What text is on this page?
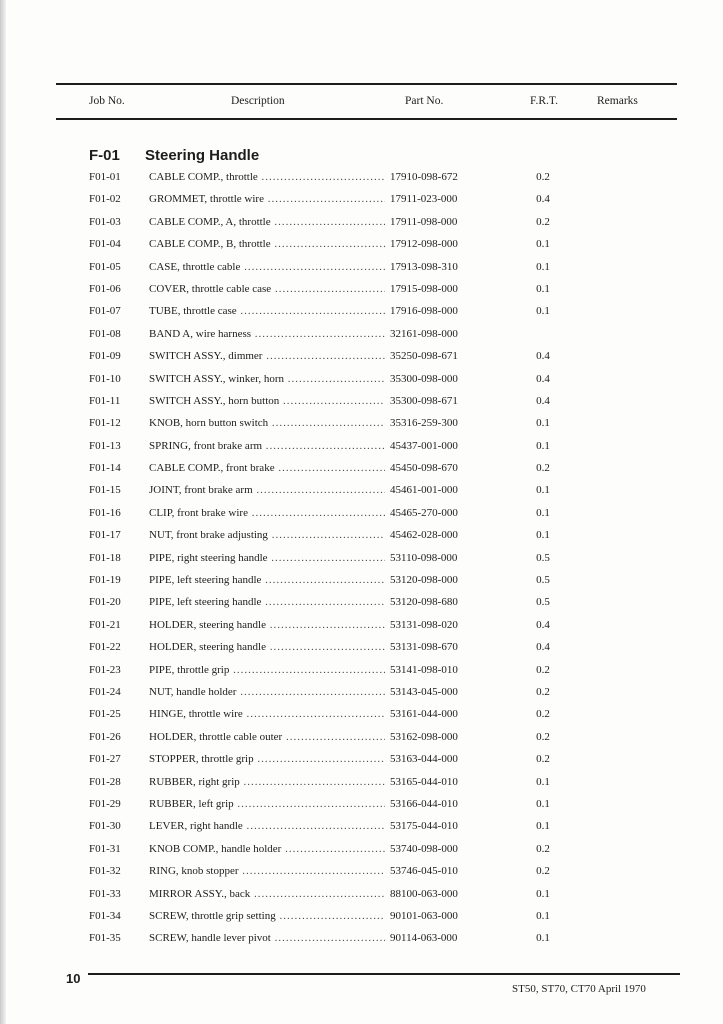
Job No.	Description	Part No.	F.R.T.	Remarks
F-01	Steering Handle
F01-01	CABLE COMP., throttle .....	17910-098-672	0.2
F01-02	GROMMET, throttle wire .....	17911-023-000	0.4
F01-03	CABLE COMP., A, throttle .....	17911-098-000	0.2
F01-04	CABLE COMP., B, throttle .....	17912-098-000	0.1
F01-05	CASE, throttle cable .....	17913-098-310	0.1
F01-06	COVER, throttle cable case .....	17915-098-000	0.1
F01-07	TUBE, throttle case .....	17916-098-000	0.1
F01-08	BAND A, wire harness .....	32161-098-000
F01-09	SWITCH ASSY., dimmer .....	35250-098-671	0.4
F01-10	SWITCH ASSY., winker, horn .....	35300-098-000	0.4
F01-11	SWITCH ASSY., horn button .....	35300-098-671	0.4
F01-12	KNOB, horn button switch .....	35316-259-300	0.1
F01-13	SPRING, front brake arm .....	45437-001-000	0.1
F01-14	CABLE COMP., front brake .....	45450-098-670	0.2
F01-15	JOINT, front brake arm .....	45461-001-000	0.1
F01-16	CLIP, front brake wire .....	45465-270-000	0.1
F01-17	NUT, front brake adjusting .....	45462-028-000	0.1
F01-18	PIPE, right steering handle .....	53110-098-000	0.5
F01-19	PIPE, left steering handle .....	53120-098-000	0.5
F01-20	PIPE, left steering handle .....	53120-098-680	0.5
F01-21	HOLDER, steering handle .....	53131-098-020	0.4
F01-22	HOLDER, steering handle .....	53131-098-670	0.4
F01-23	PIPE, throttle grip .....	53141-098-010	0.2
F01-24	NUT, handle holder .....	53143-045-000	0.2
F01-25	HINGE, throttle wire .....	53161-044-000	0.2
F01-26	HOLDER, throttle cable outer .....	53162-098-000	0.2
F01-27	STOPPER, throttle grip .....	53163-044-000	0.2
F01-28	RUBBER, right grip .....	53165-044-010	0.1
F01-29	RUBBER, left grip .....	53166-044-010	0.1
F01-30	LEVER, right handle .....	53175-044-010	0.1
F01-31	KNOB COMP., handle holder .....	53740-098-000	0.2
F01-32	RING, knob stopper .....	53746-045-010	0.2
F01-33	MIRROR ASSY., back .....	88100-063-000	0.1
F01-34	SCREW, throttle grip setting .....	90101-063-000	0.1
F01-35	SCREW, handle lever pivot .....	90114-063-000	0.1
10
ST50, ST70, CT70 April 1970
